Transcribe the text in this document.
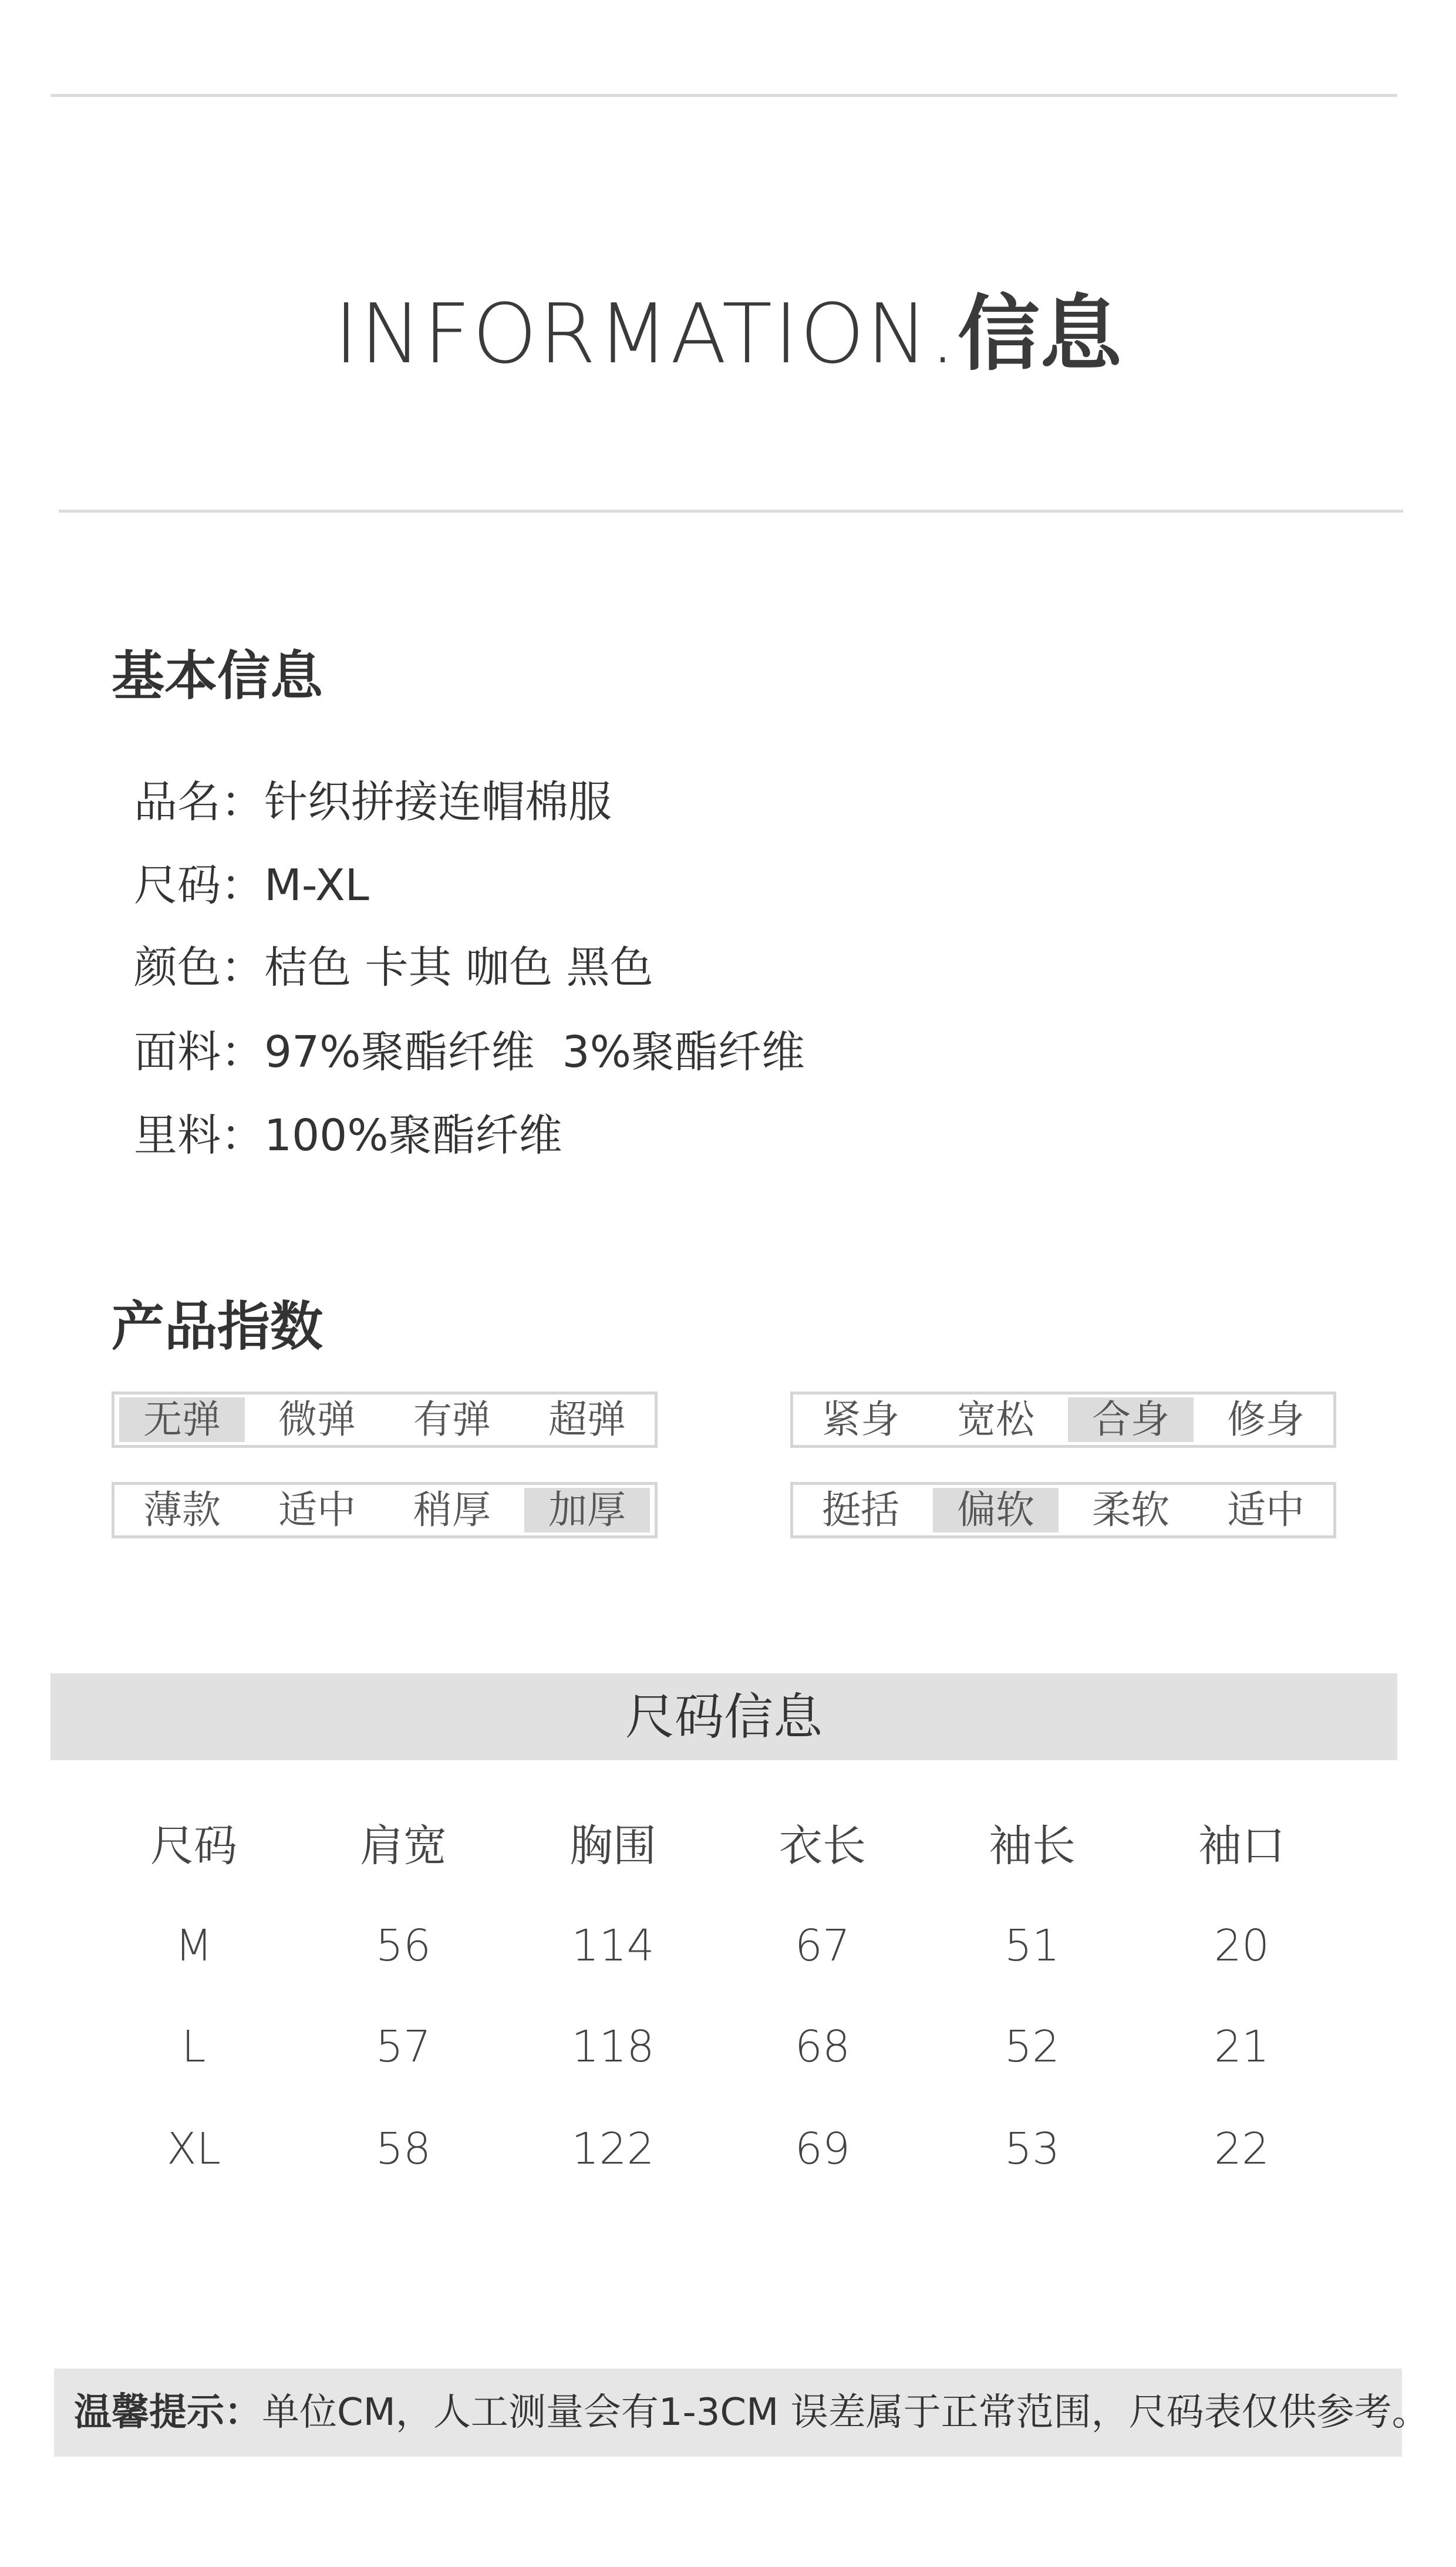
INFORMATION.信息
基本信息
品名：针织拼接连帽棉服
尺码：M-XL
颜色：桔色 卡其 咖色 黑色
面料：97%聚酯纤维  3%聚酯纤维
里料：100%聚酯纤维
产品指数
无弹	微弹	有弹	超弹	紧身	宽松	合身	修身
薄款	适中	稍厚	加厚	挺括	偏软	柔软	适中
尺码信息
尺码	肩宽	胸围	衣长	袖长	袖口
M	56	114	67	51	20
L	57	118	68	52	21
XL	58	122	69	53	22
温馨提示：单位CM，人工测量会有1-3CM 误差属于正常范围，尺码表仅供参考。
